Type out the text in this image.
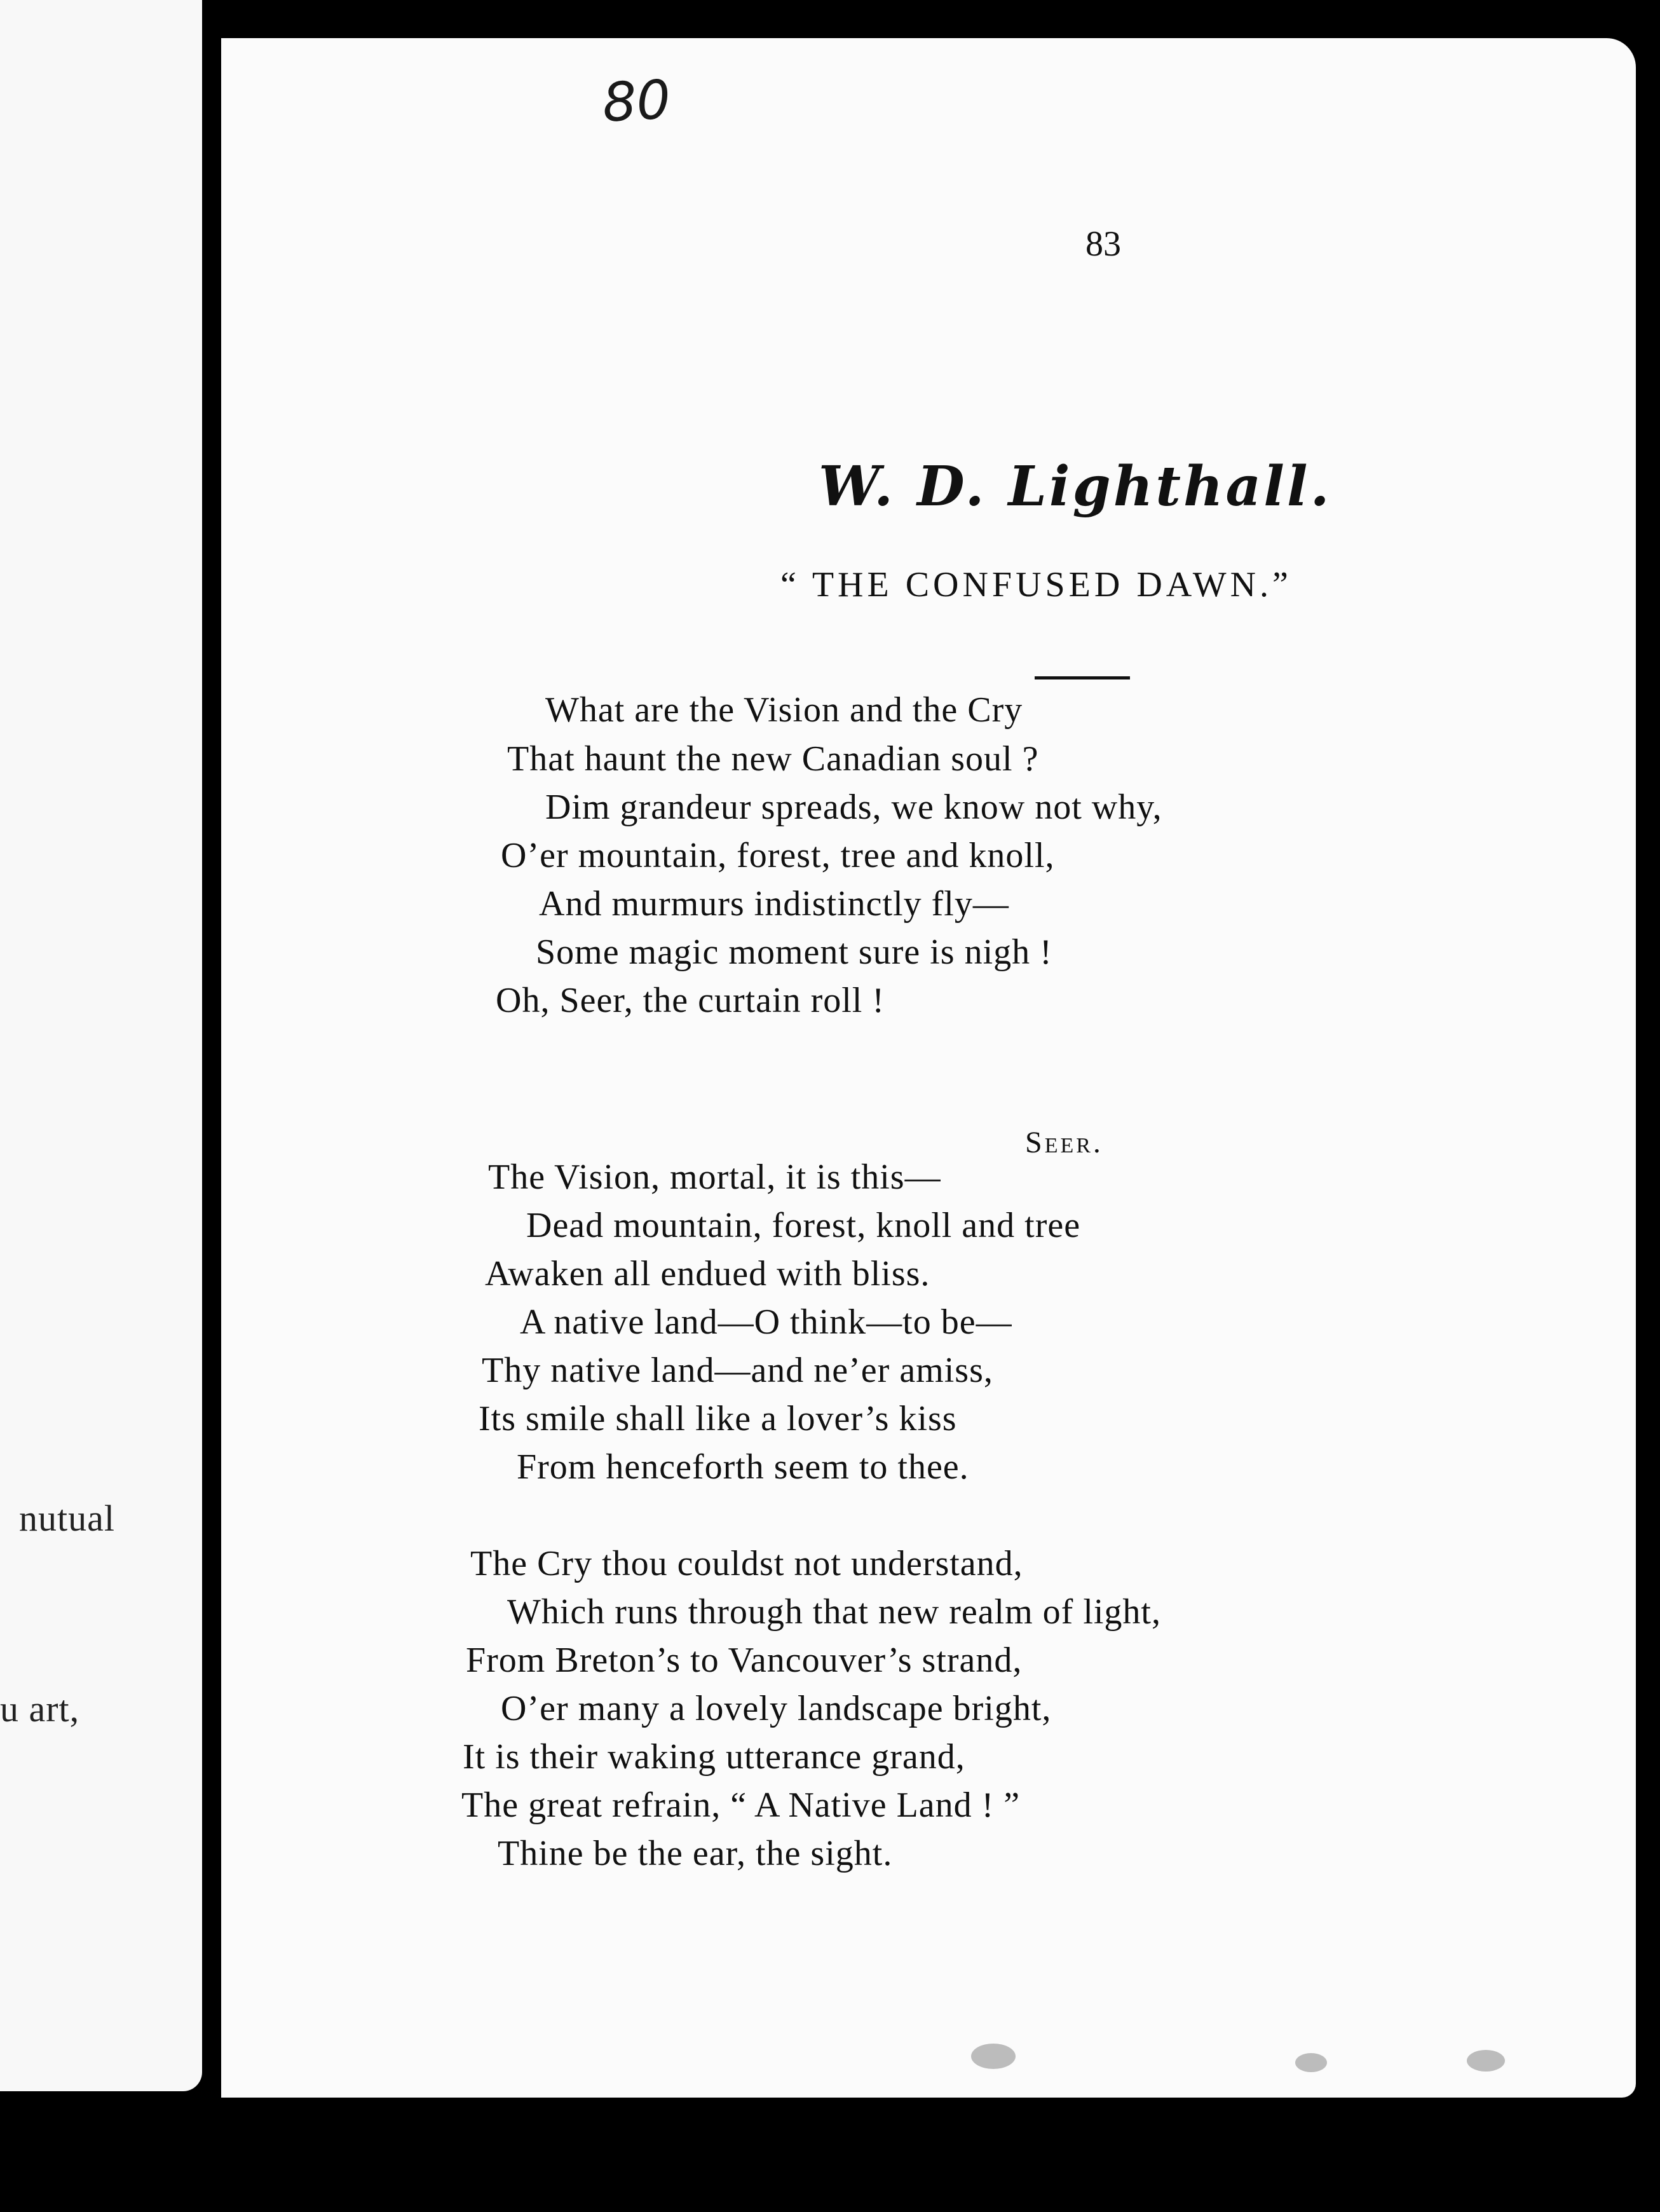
nutual
u art,
80
83
W. D. Lighthall.
“ THE CONFUSED DAWN.”
What are the Vision and the Cry
That haunt the new Canadian soul ?
Dim grandeur spreads, we know not why,
O’er mountain, forest, tree and knoll,
And murmurs indistinctly fly—
Some magic moment sure is nigh !
Oh, Seer, the curtain roll !
Seer.
The Vision, mortal, it is this—
Dead mountain, forest, knoll and tree
Awaken all endued with bliss.
A native land—O think—to be—
Thy native land—and ne’er amiss,
Its smile shall like a lover’s kiss
From henceforth seem to thee.
The Cry thou couldst not understand,
Which runs through that new realm of light,
From Breton’s to Vancouver’s strand,
O’er many a lovely landscape bright,
It is their waking utterance grand,
The great refrain, “ A Native Land ! ”
Thine be the ear, the sight.
